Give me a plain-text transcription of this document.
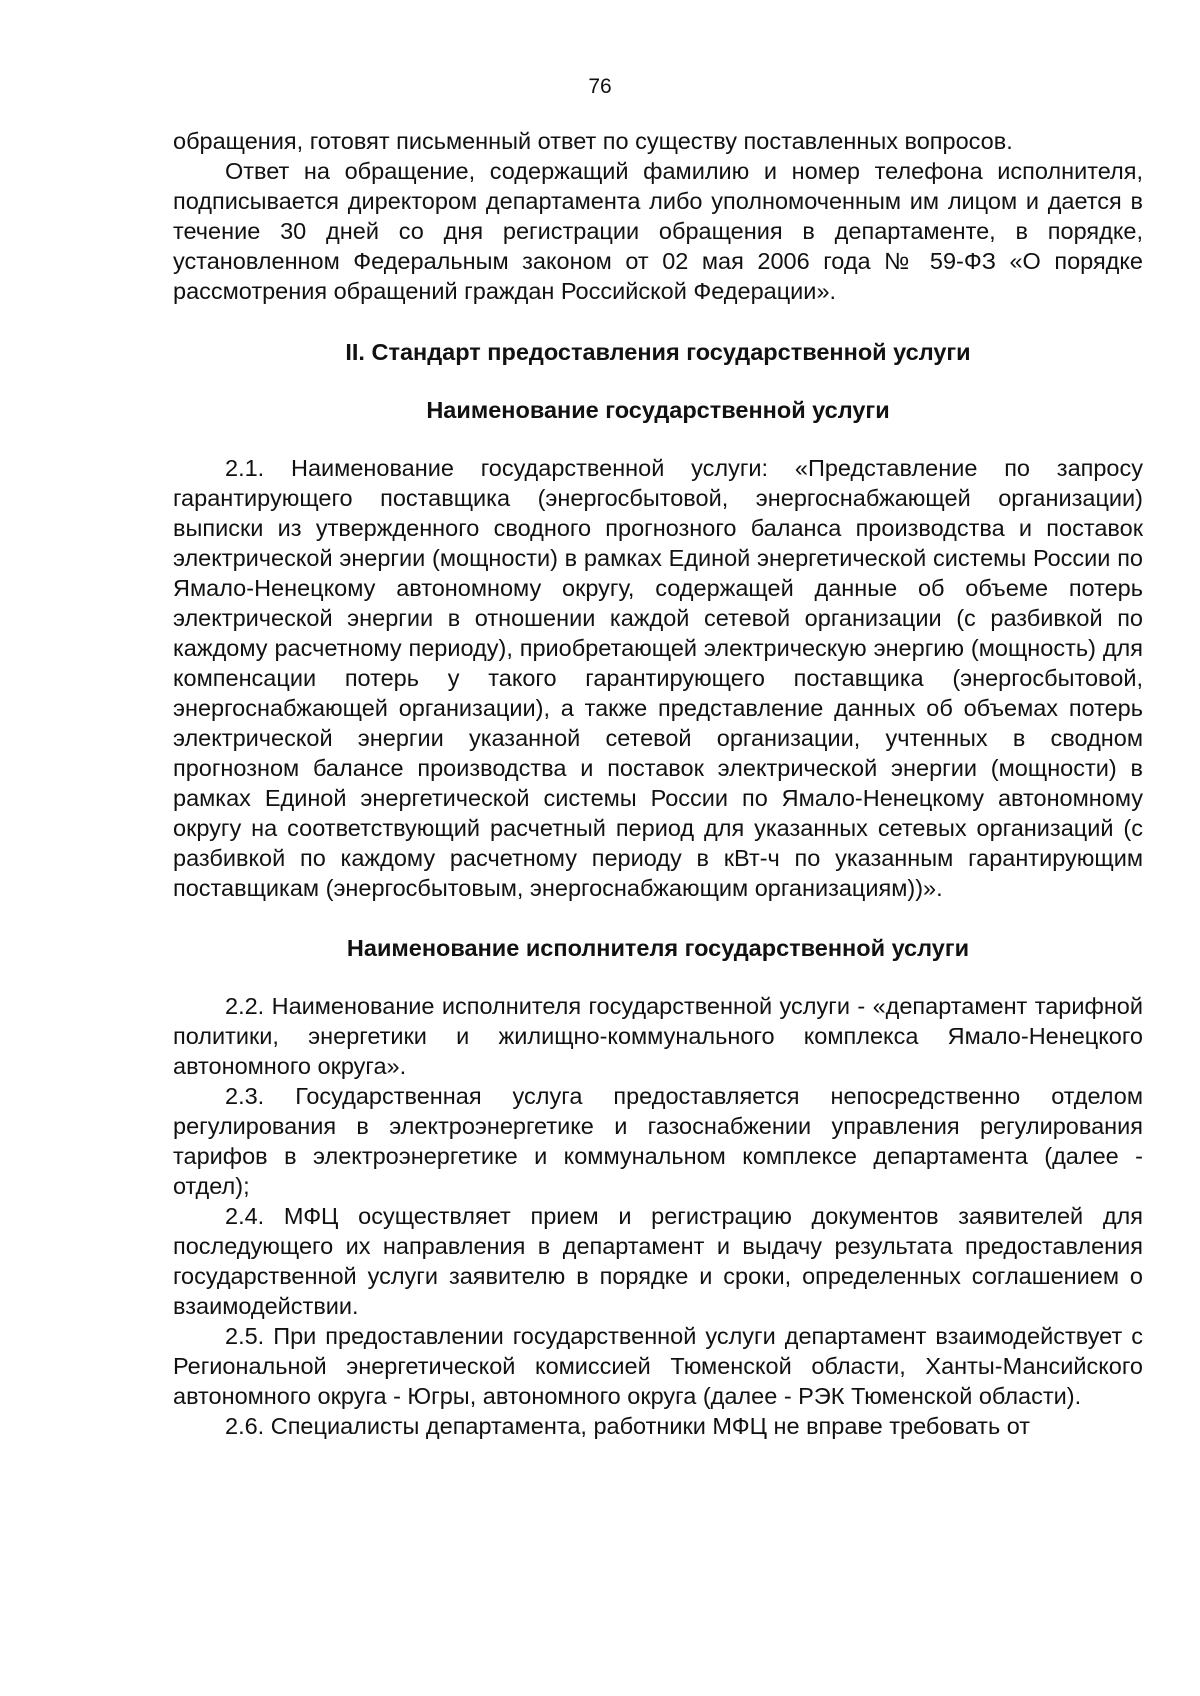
76

обращения, готовят письменный ответ по существу поставленных вопросов.

Ответ на обращение, содержащий фамилию и номер телефона исполнителя, подписывается директором департамента либо уполномоченным им лицом и дается в течение 30 дней со дня регистрации обращения в департаменте, в порядке, установленном Федеральным законом от 02 мая 2006 года № 59-ФЗ «О порядке рассмотрения обращений граждан Российской Федерации».

II. Стандарт предоставления государственной услуги
Наименование государственной услуги

2.1. Наименование государственной услуги: «Представление по запросу гарантирующего поставщика (энергосбытовой, энергоснабжающей организации) выписки из утвержденного сводного прогнозного баланса производства и поставок электрической энергии (мощности) в рамках Единой энергетической системы России по Ямало-Ненецкому автономному округу, содержащей данные об объеме потерь электрической энергии в отношении каждой сетевой организации (с разбивкой по каждому расчетному периоду), приобретающей электрическую энергию (мощность) для компенсации потерь у такого гарантирующего поставщика (энергосбытовой, энергоснабжающей организации), а также представление данных об объемах потерь электрической энергии указанной сетевой организации, учтенных в сводном прогнозном балансе производства и поставок электрической энергии (мощности) в рамках Единой энергетической системы России по Ямало-Ненецкому автономному округу на соответствующий расчетный период для указанных сетевых организаций (с разбивкой по каждому расчетному периоду в кВт-ч по указанным гарантирующим поставщикам (энергосбытовым, энергоснабжающим организациям))».

Наименование исполнителя государственной услуги

2.2. Наименование исполнителя государственной услуги - «департамент тарифной политики, энергетики и жилищно-коммунального комплекса Ямало-Ненецкого автономного округа».

2.3. Государственная услуга предоставляется непосредственно отделом регулирования в электроэнергетике и газоснабжении управления регулирования тарифов в электроэнергетике и коммунальном комплексе департамента (далее - отдел);

2.4. МФЦ осуществляет прием и регистрацию документов заявителей для последующего их направления в департамент и выдачу результата предоставления государственной услуги заявителю в порядке и сроки, определенных соглашением о взаимодействии.

2.5. При предоставлении государственной услуги департамент взаимодействует с Региональной энергетической комиссией Тюменской области, Ханты-Мансийского автономного округа - Югры, автономного округа (далее - РЭК Тюменской области).

2.6. Специалисты департамента, работники МФЦ не вправе требовать от
